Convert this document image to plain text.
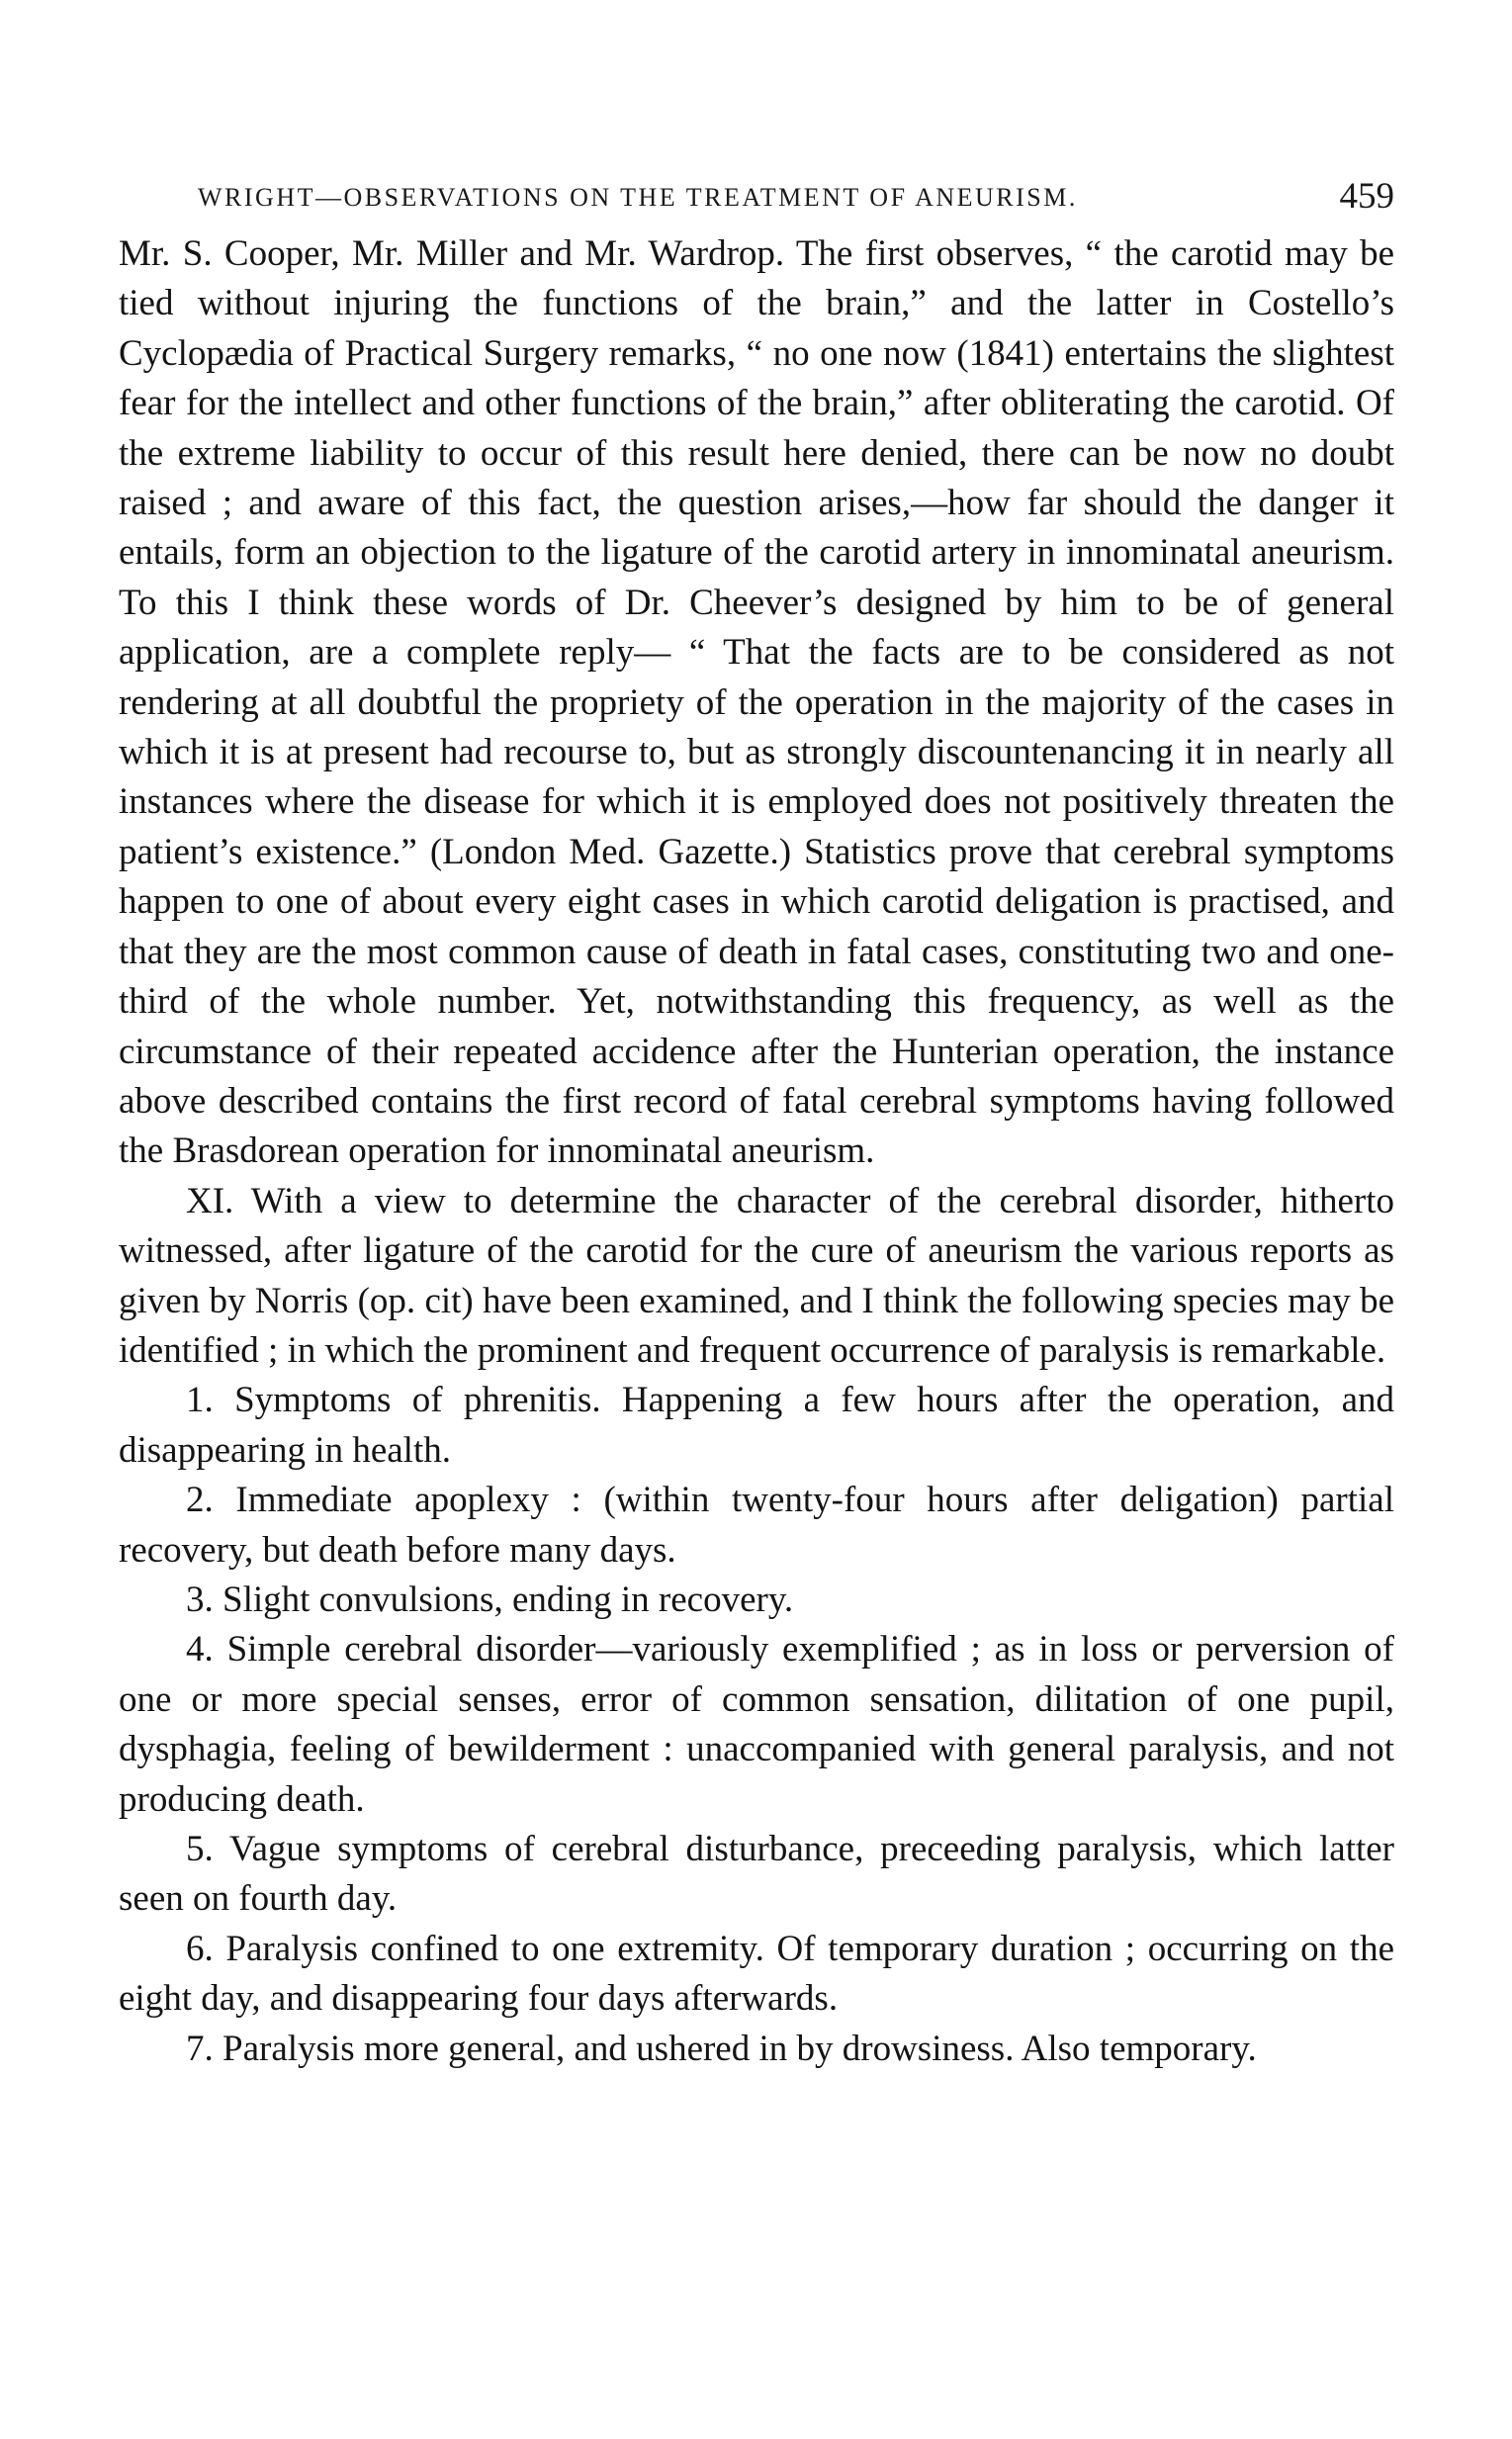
WRIGHT—OBSERVATIONS ON THE TREATMENT OF ANEURISM.	459

Mr. S. Cooper, Mr. Miller and Mr. Wardrop. The first observes, “ the carotid may be tied without injuring the functions of the brain,” and the latter in Costello’s Cyclopædia of Practical Surgery remarks, “ no one now (1841) entertains the slightest fear for the intellect and other functions of the brain,” after obliterating the carotid. Of the extreme liability to occur of this result here denied, there can be now no doubt raised ; and aware of this fact, the question arises,—how far should the danger it entails, form an objection to the ligature of the carotid artery in innominatal aneurism. To this I think these words of Dr. Cheever’s designed by him to be of general application, are a complete reply— “ That the facts are to be considered as not rendering at all doubtful the propriety of the operation in the majority of the cases in which it is at present had recourse to, but as strongly discountenancing it in nearly all instances where the disease for which it is employed does not positively threaten the patient’s existence.” (London Med. Gazette.) Statistics prove that cerebral symptoms happen to one of about every eight cases in which carotid deligation is practised, and that they are the most common cause of death in fatal cases, constituting two and one-third of the whole number. Yet, notwithstanding this frequency, as well as the circumstance of their repeated accidence after the Hunterian operation, the instance above described contains the first record of fatal cerebral symptoms having followed the Brasdorean operation for innominatal aneurism.

XI. With a view to determine the character of the cerebral disorder, hitherto witnessed, after ligature of the carotid for the cure of aneurism the various reports as given by Norris (op. cit) have been examined, and I think the following species may be identified ; in which the prominent and frequent occurrence of paralysis is remarkable.

1. Symptoms of phrenitis. Happening a few hours after the operation, and disappearing in health.

2. Immediate apoplexy : (within twenty-four hours after deligation) partial recovery, but death before many days.

3. Slight convulsions, ending in recovery.

4. Simple cerebral disorder—variously exemplified ; as in loss or perversion of one or more special senses, error of common sensation, dilitation of one pupil, dysphagia, feeling of bewilderment : unaccompanied with general paralysis, and not producing death.

5. Vague symptoms of cerebral disturbance, preceeding paralysis, which latter seen on fourth day.

6. Paralysis confined to one extremity. Of temporary duration ; occurring on the eight day, and disappearing four days afterwards.

7. Paralysis more general, and ushered in by drowsiness. Also temporary.
